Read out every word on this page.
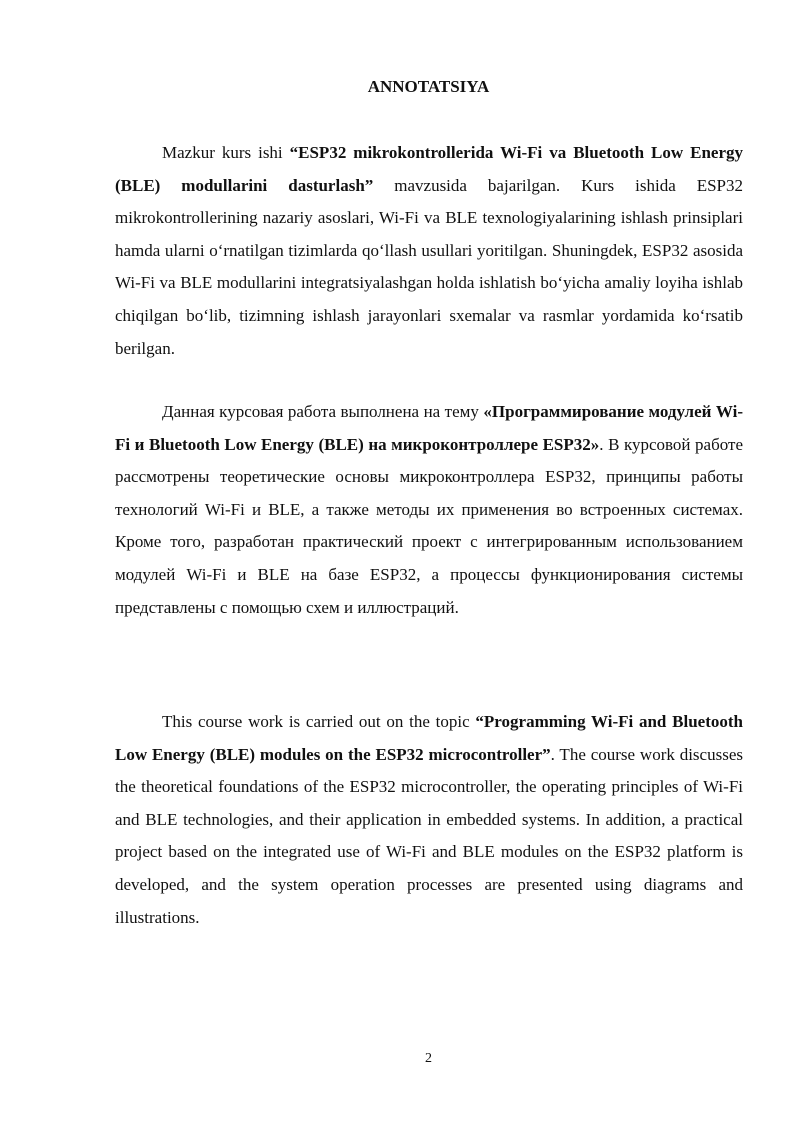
ANNOTATSIYA

Mazkur kurs ishi “ESP32 mikrokontrollerida Wi-Fi va Bluetooth Low Energy (BLE) modullarini dasturlash” mavzusida bajarilgan. Kurs ishida ESP32 mikrokontrollerining nazariy asoslari, Wi-Fi va BLE texnologiyalarining ishlash prinsiplari hamda ularni oʻrnatilgan tizimlarda qoʻllash usullari yoritilgan. Shuningdek, ESP32 asosida Wi-Fi va BLE modullarini integratsiyalashgan holda ishlatish boʻyicha amaliy loyiha ishlab chiqilgan boʻlib, tizimning ishlash jarayonlari sxemalar va rasmlar yordamida koʻrsatib berilgan.

Данная курсовая работа выполнена на тему «Программирование модулей Wi-Fi и Bluetooth Low Energy (BLE) на микроконтроллере ESP32». В курсовой работе рассмотрены теоретические основы микроконтроллера ESP32, принципы работы технологий Wi-Fi и BLE, а также методы их применения во встроенных системах. Кроме того, разработан практический проект с интегрированным использованием модулей Wi-Fi и BLE на базе ESP32, а процессы функционирования системы представлены с помощью схем и иллюстраций.

This course work is carried out on the topic “Programming Wi-Fi and Bluetooth Low Energy (BLE) modules on the ESP32 microcontroller”. The course work discusses the theoretical foundations of the ESP32 microcontroller, the operating principles of Wi-Fi and BLE technologies, and their application in embedded systems. In addition, a practical project based on the integrated use of Wi-Fi and BLE modules on the ESP32 platform is developed, and the system operation processes are presented using diagrams and illustrations.

2
